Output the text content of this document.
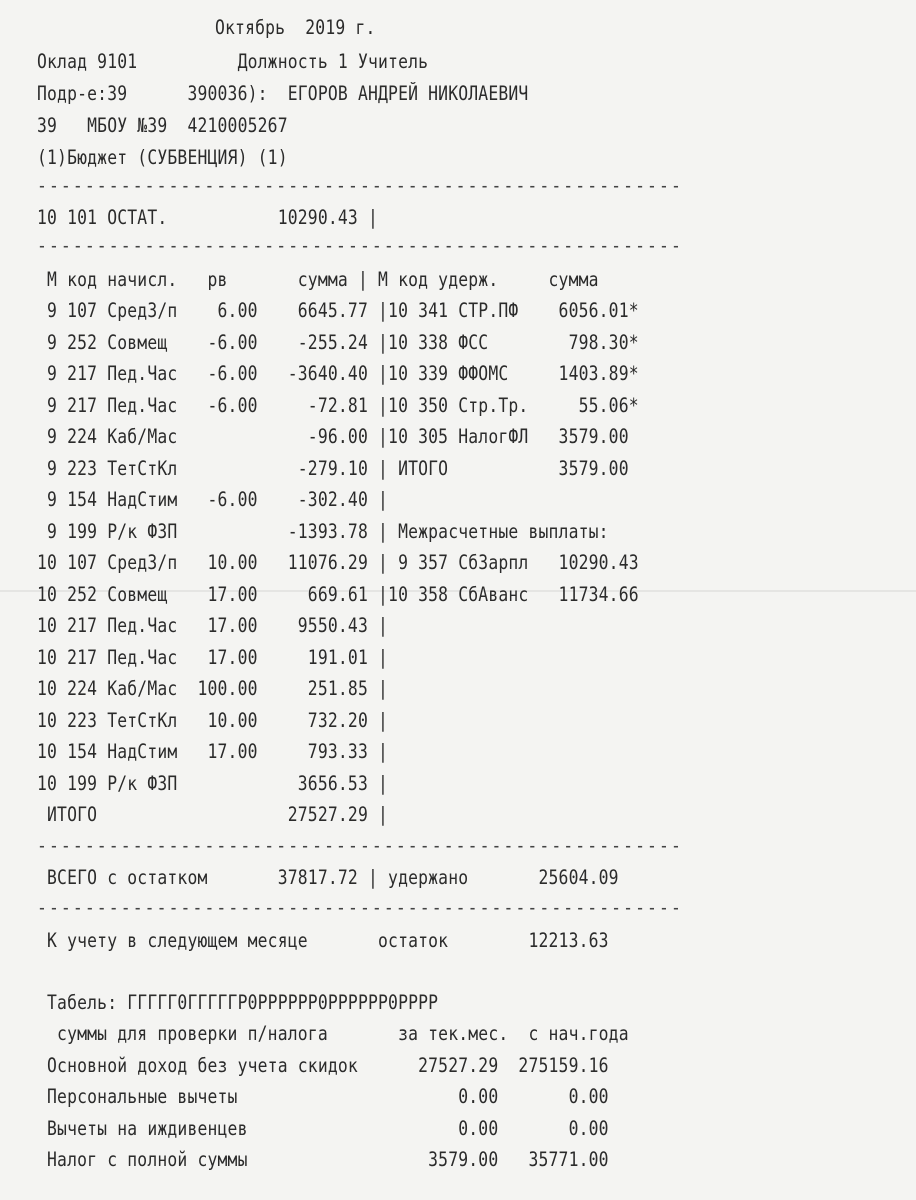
Октябрь  2019 г.
Оклад 9101          Должность 1 Учитель
Подр-е:39      390036):  ЕГОРОВ АНДРЕЙ НИКОЛАЕВИЧ
39   МБОУ №39  4210005267
(1)Бюджет (СУБВЕНЦИЯ) (1)
------------------------------------------------------
10 101 ОСТАТ.           10290.43 |
------------------------------------------------------
М код начисл.   рв       сумма | М код удерж.     сумма
9 107 СредЗ/п    6.00    6645.77 |10 341 СТР.ПФ    6056.01*
9 252 Совмещ    -6.00    -255.24 |10 338 ФСС        798.30*
9 217 Пед.Час   -6.00   -3640.40 |10 339 ФФОМС     1403.89*
9 217 Пед.Час   -6.00     -72.81 |10 350 Стр.Тр.     55.06*
9 224 Каб/Мас             -96.00 |10 305 НалогФЛ   3579.00
9 223 ТетСтКл            -279.10 | ИТОГО           3579.00
9 154 НадСтим   -6.00    -302.40 |
9 199 Р/к ФЗП           -1393.78 | Межрасчетные выплаты:
10 107 СредЗ/п   10.00   11076.29 | 9 357 СбЗарпл   10290.43
10 252 Совмещ    17.00     669.61 |10 358 СбАванс   11734.66
10 217 Пед.Час   17.00    9550.43 |
10 217 Пед.Час   17.00     191.01 |
10 224 Каб/Мас  100.00     251.85 |
10 223 ТетСтКл   10.00     732.20 |
10 154 НадСтим   17.00     793.33 |
10 199 Р/к ФЗП            3656.53 |
ИТОГО                   27527.29 |
------------------------------------------------------
ВСЕГО с остатком       37817.72 | удержано       25604.09
------------------------------------------------------
К учету в следующем месяце       остаток        12213.63
Табель: ГГГГГ0ГГГГГР0РРРРРР0РРРРРР0РРРР
суммы для проверки п/налога       за тек.мес.  с нач.года
Основной доход без учета скидок      27527.29  275159.16
Персональные вычеты                      0.00       0.00
Вычеты на иждивенцев                     0.00       0.00
Налог с полной суммы                  3579.00   35771.00
